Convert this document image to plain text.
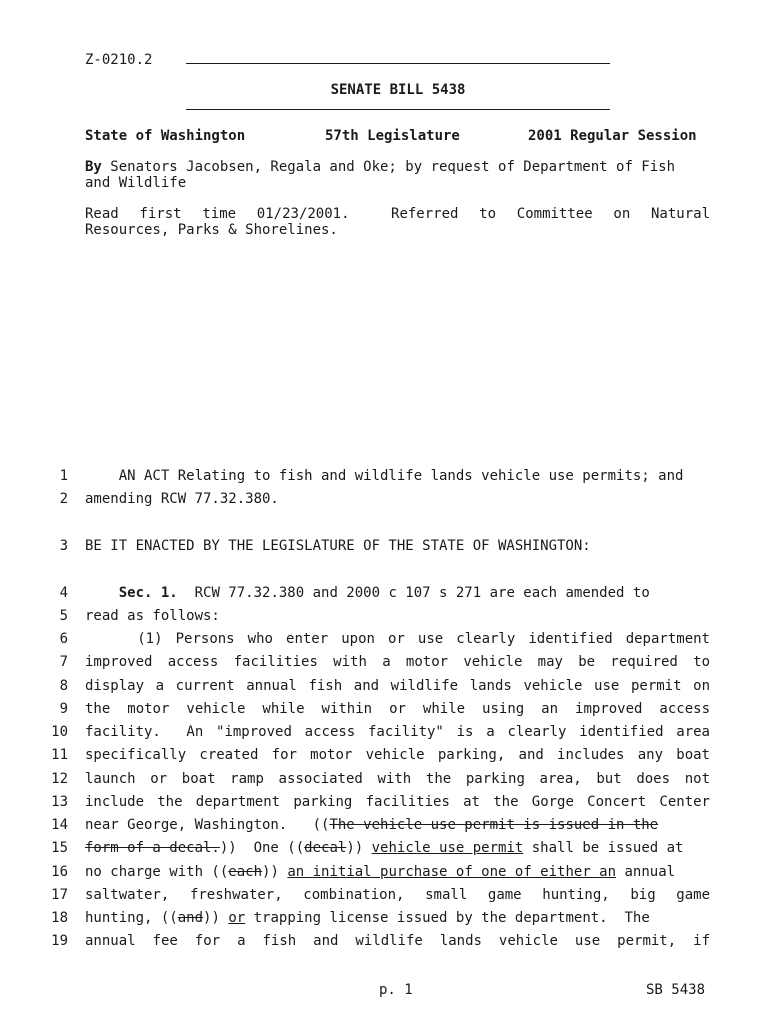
Z-0210.2
SENATE BILL 5438
State of Washington	57th Legislature	2001 Regular Session
By Senators Jacobsen, Regala and Oke; by request of Department of Fish
and Wildlife
Read first time 01/23/2001.  Referred to Committee on Natural
Resources, Parks & Shorelines.
1
2
3
4
5
6
7
8
9
10
11
12
13
14
15
16
17
18
19
AN ACT Relating to fish and wildlife lands vehicle use permits; and
amending RCW 77.32.380.
BE IT ENACTED BY THE LEGISLATURE OF THE STATE OF WASHINGTON:
Sec. 1.  RCW 77.32.380 and 2000 c 107 s 271 are each amended to
read as follows:
(1) Persons who enter upon or use clearly identified department
improved access facilities with a motor vehicle may be required to
display a current annual fish and wildlife lands vehicle use permit on
the motor vehicle while within or while using an improved access
facility.  An "improved access facility" is a clearly identified area
specifically created for motor vehicle parking, and includes any boat
launch or boat ramp associated with the parking area, but does not
include the department parking facilities at the Gorge Concert Center
near George, Washington.   ((The vehicle use permit is issued in the
form of a decal.))  One ((decal)) vehicle use permit shall be issued at
no charge with ((each)) an initial purchase of one of either an annual
saltwater, freshwater, combination, small game hunting, big game
hunting, ((and)) or trapping license issued by the department.  The
annual fee for a fish and wildlife lands vehicle use permit, if
p. 1	SB 5438
